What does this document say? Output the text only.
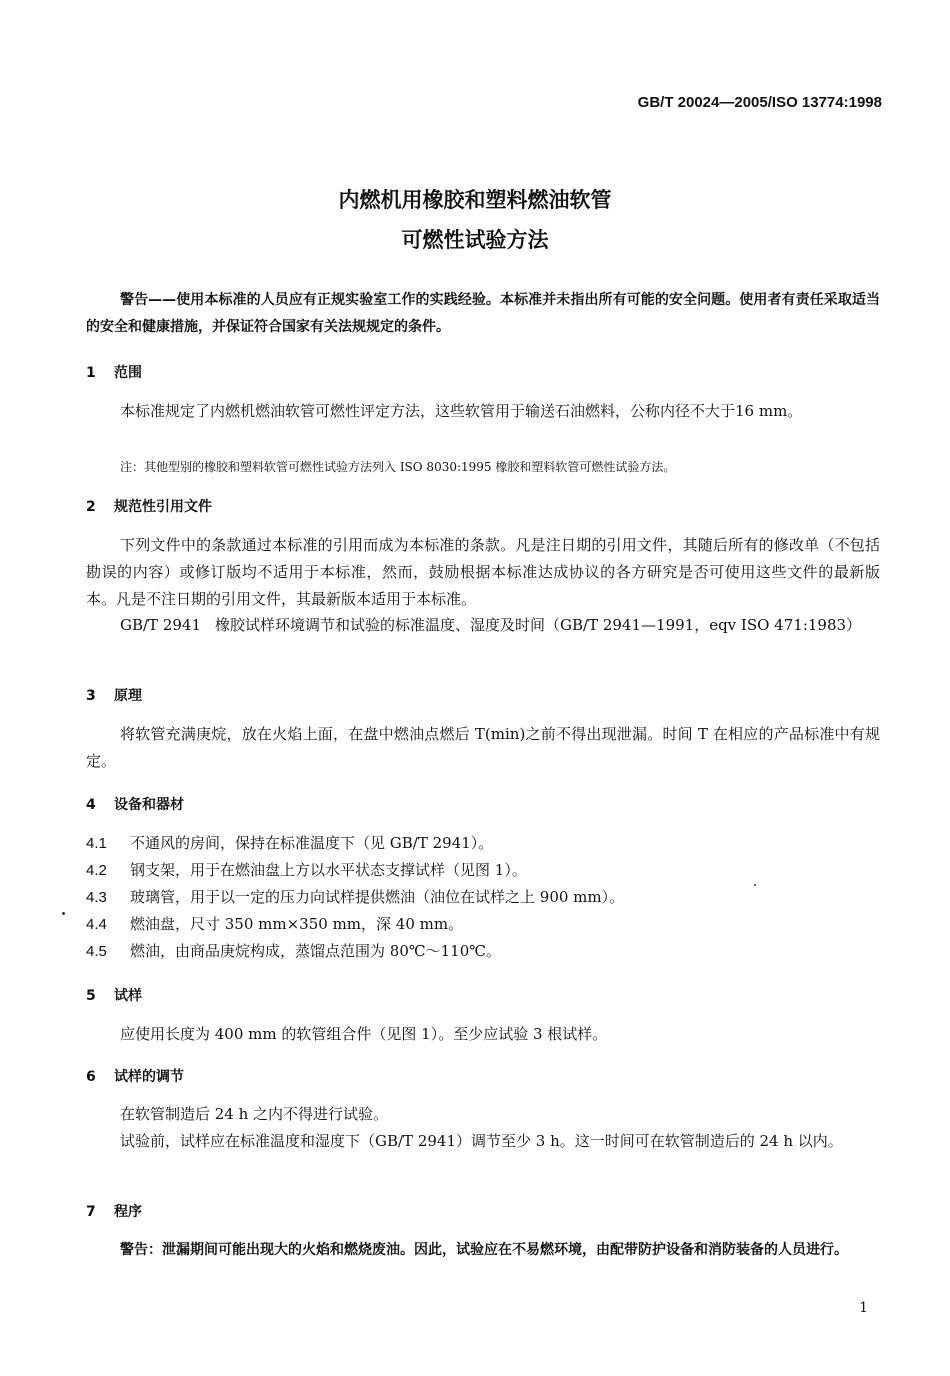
GB/T 20024—2005/ISO 13774:1998
内燃机用橡胶和塑料燃油软管
可燃性试验方法

警告——使用本标准的人员应有正规实验室工作的实践经验。本标准并未指出所有可能的安全问题。使用者有责任采取适当的安全和健康措施，并保证符合国家有关法规规定的条件。

1 范围

本标准规定了内燃机燃油软管可燃性评定方法，这些软管用于输送石油燃料，公称内径不大于16 mm。

注：其他型别的橡胶和塑料软管可燃性试验方法列入 ISO 8030:1995 橡胶和塑料软管可燃性试验方法。
2 规范性引用文件

下列文件中的条款通过本标准的引用而成为本标准的条款。凡是注日期的引用文件，其随后所有的修改单（不包括勘误的内容）或修订版均不适用于本标准，然而，鼓励根据本标准达成协议的各方研究是否可使用这些文件的最新版本。凡是不注日期的引用文件，其最新版本适用于本标准。

GB/T 2941 橡胶试样环境调节和试验的标准温度、湿度及时间（GB/T 2941—1991，eqv ISO 471:1983）

3 原理

将软管充满庚烷，放在火焰上面，在盘中燃油点燃后 T(min)之前不得出现泄漏。时间 T 在相应的产品标准中有规定。

4 设备和器材
4.1 不通风的房间，保持在标准温度下（见 GB/T 2941）。
4.2 钢支架，用于在燃油盘上方以水平状态支撑试样（见图 1）。
4.3 玻璃管，用于以一定的压力向试样提供燃油（油位在试样之上 900 mm）。
4.4 燃油盘，尺寸 350 mm×350 mm，深 40 mm。
4.5 燃油，由商品庚烷构成，蒸馏点范围为 80℃～110℃。
5 试样

应使用长度为 400 mm 的软管组合件（见图 1）。至少应试验 3 根试样。

6 试样的调节

在软管制造后 24 h 之内不得进行试验。

试验前，试样应在标准温度和湿度下（GB/T 2941）调节至少 3 h。这一时间可在软管制造后的 24 h 以内。

7 程序

警告：泄漏期间可能出现大的火焰和燃烧废油。因此，试验应在不易燃环境，由配带防护设备和消防装备的人员进行。

1
